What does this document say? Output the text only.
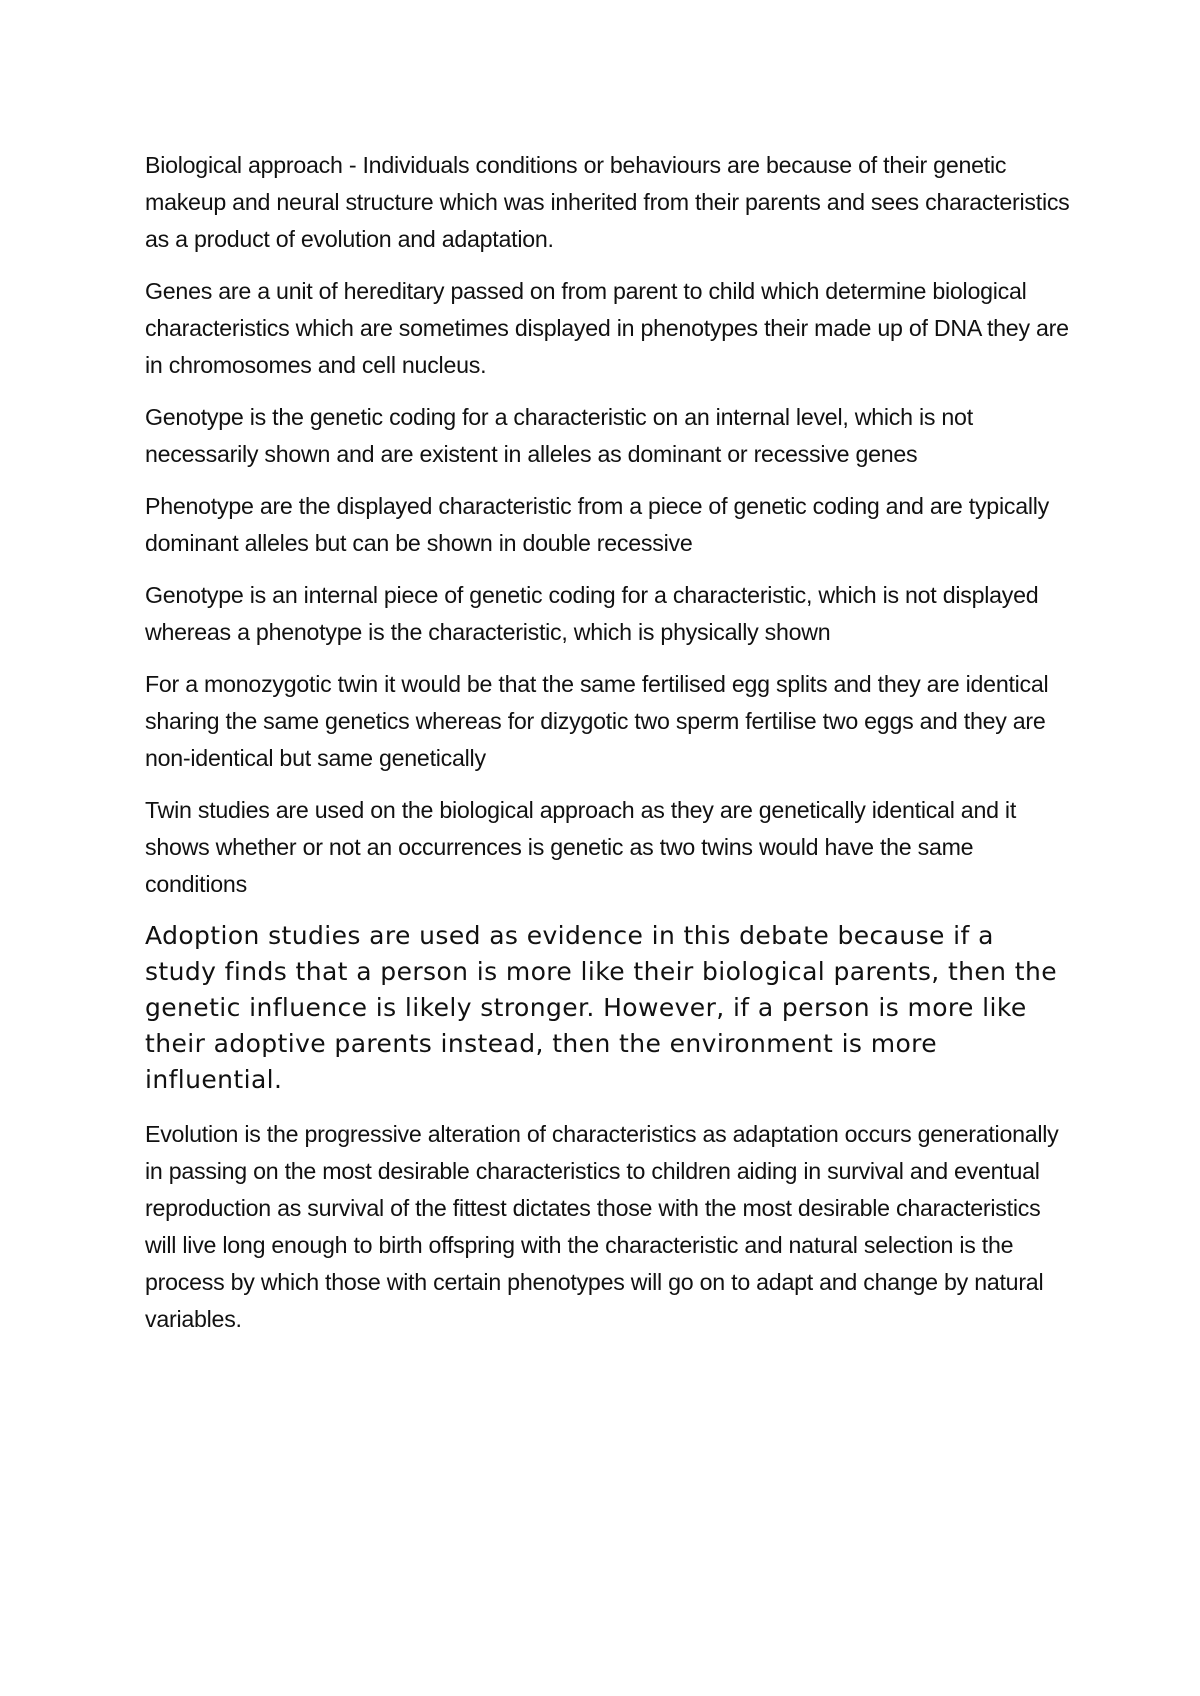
Biological approach - Individuals conditions or behaviours are because of their genetic makeup and neural structure which was inherited from their parents and sees characteristics as a product of evolution and adaptation.

Genes are a unit of hereditary passed on from parent to child which determine biological characteristics which are sometimes displayed in phenotypes their made up of DNA they are in chromosomes and cell nucleus.

Genotype is the genetic coding for a characteristic on an internal level, which is not necessarily shown and are existent in alleles as dominant or recessive genes

Phenotype are the displayed characteristic from a piece of genetic coding and are typically dominant alleles but can be shown in double recessive

Genotype is an internal piece of genetic coding for a characteristic, which is not displayed whereas a phenotype is the characteristic, which is physically shown

For a monozygotic twin it would be that the same fertilised egg splits and they are identical sharing the same genetics whereas for dizygotic two sperm fertilise two eggs and they are non-identical but same genetically

Twin studies are used on the biological approach as they are genetically identical and it shows whether or not an occurrences is genetic as two twins would have the same conditions

Adoption studies are used as evidence in this debate because if a study finds that a person is more like their biological parents, then the genetic influence is likely stronger. However, if a person is more like their adoptive parents instead, then the environment is more influential.

Evolution is the progressive alteration of characteristics as adaptation occurs generationally in passing on the most desirable characteristics to children aiding in survival and eventual reproduction as survival of the fittest dictates those with the most desirable characteristics will live long enough to birth offspring with the characteristic and natural selection is the process by which those with certain phenotypes will go on to adapt and change by natural variables.
